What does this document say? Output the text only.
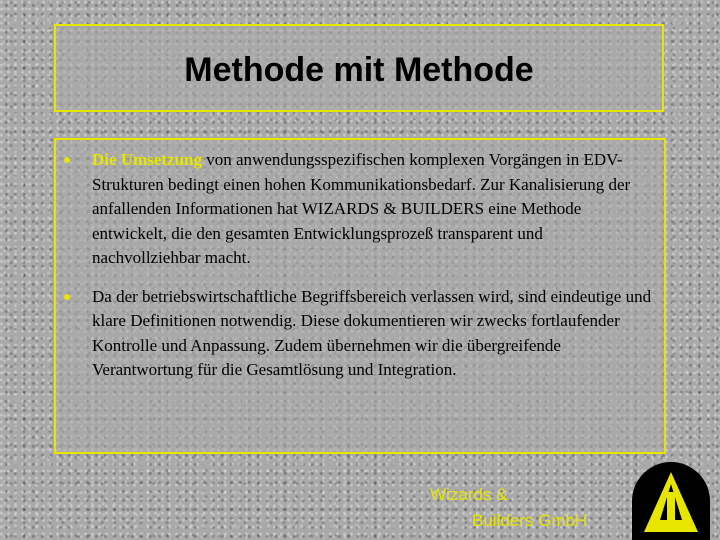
Methode mit Methode
Die Umsetzung von anwendungsspezifischen komplexen Vorgängen in EDV-Strukturen bedingt einen hohen Kommunikationsbedarf. Zur Kanalisierung der anfallenden Informationen hat WIZARDS & BUILDERS eine Methode entwickelt, die den gesamten Entwicklungsprozeß transparent und nachvollziehbar macht.
Da der betriebswirtschaftliche Begriffsbereich verlassen wird, sind eindeutige und klare Definitionen notwendig. Diese dokumentieren wir zwecks fortlaufender Kontrolle und Anpassung. Zudem übernehmen wir die übergreifende Verantwortung für die Gesamtlösung und Integration.
Wizards &
Builders GmbH
